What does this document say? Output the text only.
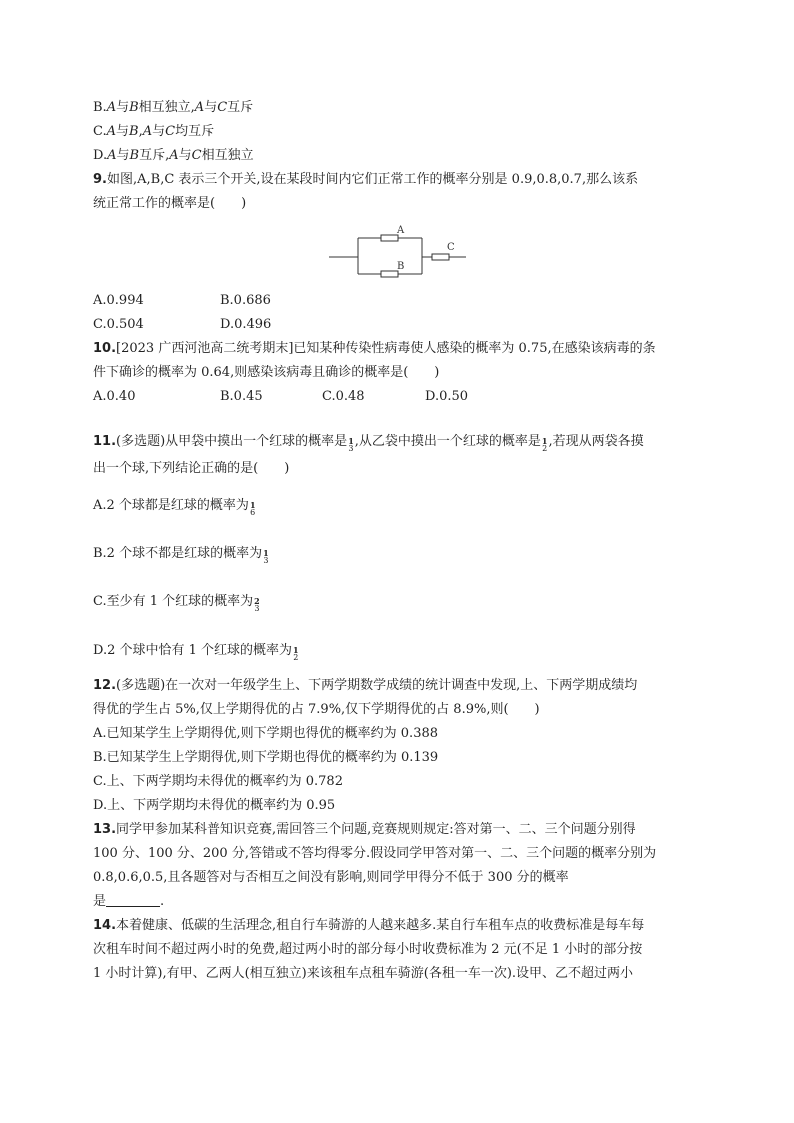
B.A与B相互独立,A与C互斥
C.A与B,A与C均互斥
D.A与B互斥,A与C相互独立
9.如图,A,B,C 表示三个开关,设在某段时间内它们正常工作的概率分别是 0.9,0.8,0.7,那么该系
统正常工作的概率是(　　)
A
B
C
A.0.994	B.0.686
C.0.504	D.0.496
10.[2023 广西河池高二统考期末]已知某种传染性病毒使人感染的概率为 0.75,在感染该病毒的条
件下确诊的概率为 0.64,则感染该病毒且确诊的概率是(　　)
A.0.40	B.0.45	C.0.48	D.0.50
11.(多选题)从甲袋中摸出一个红球的概率是 1
3 ,从乙袋中摸出一个红球的概率是 1
2 ,若现从两袋各摸
出一个球,下列结论正确的是(　　)
A.2 个球都是红球的概率为 1
6
B.2 个球不都是红球的概率为 1
3
C.至少有 1 个红球的概率为 2
3
D.2 个球中恰有 1 个红球的概率为 1
2
12.(多选题)在一次对一年级学生上、下两学期数学成绩的统计调查中发现,上、下两学期成绩均
得优的学生占 5%,仅上学期得优的占 7.9%,仅下学期得优的占 8.9%,则(　　)
A.已知某学生上学期得优,则下学期也得优的概率约为 0.388
B.已知某学生上学期得优,则下学期也得优的概率约为 0.139
C.上、下两学期均未得优的概率约为 0.782
D.上、下两学期均未得优的概率约为 0.95
13.同学甲参加某科普知识竞赛,需回答三个问题,竞赛规则规定:答对第一、二、三个问题分别得
100 分、100 分、200 分,答错或不答均得零分.假设同学甲答对第一、二、三个问题的概率分别为
0.8,0.6,0.5,且各题答对与否相互之间没有影响,则同学甲得分不低于 300 分的概率
是	.
14.本着健康、低碳的生活理念,租自行车骑游的人越来越多.某自行车租车点的收费标准是每车每
次租车时间不超过两小时的免费,超过两小时的部分每小时收费标准为 2 元(不足 1 小时的部分按
1 小时计算),有甲、乙两人(相互独立)来该租车点租车骑游(各租一车一次).设甲、乙不超过两小
